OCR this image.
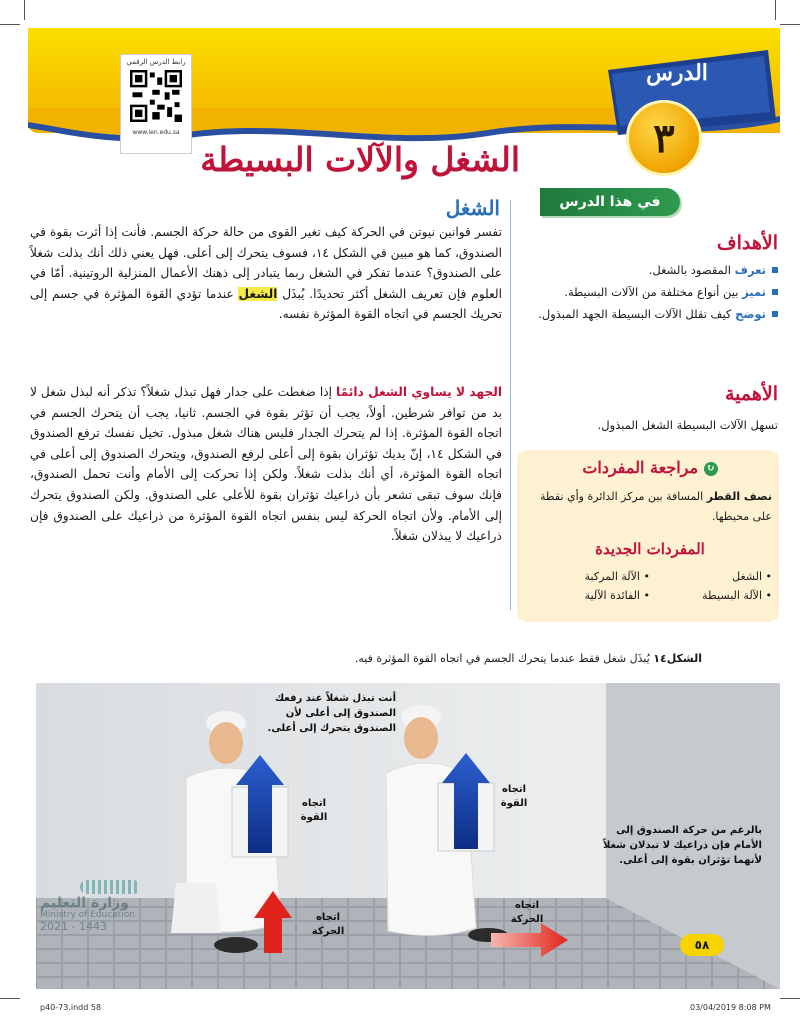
الدرس
٣
رابط الدرس الرقمي
www.ien.edu.sa
الشغل والآلات البسيطة
في هذا الدرس
الأهداف
تعرف المقصود بالشغل.
تميز بين أنواع مختلفة من الآلات البسيطة.
توضح كيف تقلل الآلات البسيطة الجهد المبذول.
الأهمية
تسهل الآلات البسيطة الشغل المبذول.
↻ مراجعة المفردات
نصف القطر المسافة بين مركز الدائرة وأي نقطة على محيطها.
المفردات الجديدة
• الشغل
• الآلة المركبة
• الآلة البسيطة
• الفائدة الآلية
الشغل
تفسر قوانين نيوتن في الحركة كيف تغير القوى من حالة حركة الجسم. فأنت إذا أثرت بقوة في الصندوق، كما هو مبين في الشكل ١٤، فسوف يتحرك إلى أعلى. فهل يعني ذلك أنك بذلت شغلاً على الصندوق؟ عندما تفكر في الشغل ربما يتبادر إلى ذهنك الأعمال المنزلية الروتينية. أمّا في العلوم فإن تعريف الشغل أكثر تحديدًا. يُبذَل الشغل عندما تؤدي القوة المؤثرة في جسم إلى تحريك الجسم في اتجاه القوة المؤثرة نفسه.
الجهد لا يساوي الشغل دائمًا إذا ضغطت على جدار فهل تبذل شغلاً؟ تذكر أنه لبذل شغل لا بد من توافر شرطين. أولاً، يجب أن تؤثر بقوة في الجسم. ثانيا، يجب أن يتحرك الجسم في اتجاه القوة المؤثرة. إذا لم يتحرك الجدار فليس هناك شغل مبذول. تخيل نفسك ترفع الصندوق في الشكل ١٤، إنّ يديك تؤثران بقوة إلى أعلى لرفع الصندوق، ويتحرك الصندوق إلى أعلى في اتجاه القوة المؤثرة، أي أنك بذلت شغلاً. ولكن إذا تحركت إلى الأمام وأنت تحمل الصندوق، فإنك سوف تبقى تشعر بأن ذراعيك تؤثران بقوة للأعلى على الصندوق. ولكن الصندوق يتحرك إلى الأمام. ولأن اتجاه الحركة ليس بنفس اتجاه القوة المؤثرة من ذراعيك على الصندوق فإن ذراعيك لا يبذلان شغلاً.
الشكل١٤ يُبذَل شغل فقط عندما يتحرك الجسم في اتجاه القوة المؤثرة فيه.
أنت تبذل شغلاً عند رفعك الصندوق إلى أعلى لأن الصندوق يتحرك إلى أعلى.
بالرغم من حركة الصندوق إلى الأمام فإن ذراعيك لا تبذلان شغلاً لأنهما تؤثران بقوة إلى أعلى.
اتجاه القوة
اتجاه القوة
اتجاه الحركة
اتجاه الحركة
وزارة التعليم
Ministry of Education
2021 - 1443
٥٨
p40-73.indd 58	03/04/2019 8:08 PM
